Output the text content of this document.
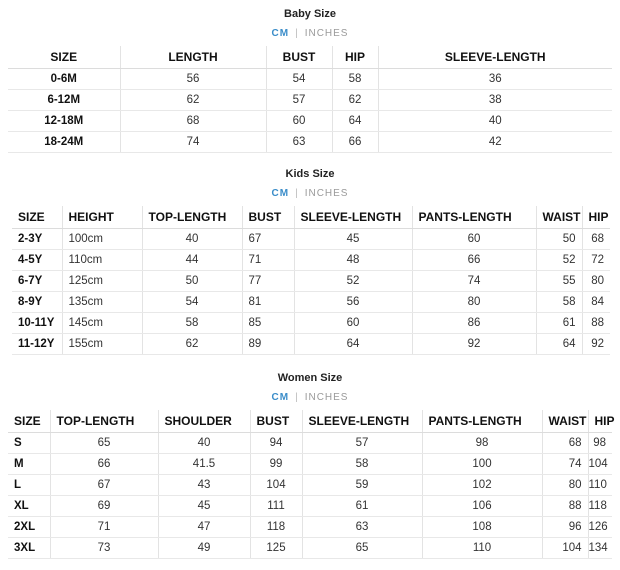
Baby Size
CM | INCHES
SIZE	LENGTH	BUST	HIP	SLEEVE-LENGTH
0-6M	56	54	58	36
6-12M	62	57	62	38
12-18M	68	60	64	40
18-24M	74	63	66	42
Kids Size
CM | INCHES
SIZE	HEIGHT	TOP-LENGTH	BUST	SLEEVE-LENGTH	PANTS-LENGTH	WAIST	HIP
2-3Y	100cm	40	67	45	60	50	68
4-5Y	110cm	44	71	48	66	52	72
6-7Y	125cm	50	77	52	74	55	80
8-9Y	135cm	54	81	56	80	58	84
10-11Y	145cm	58	85	60	86	61	88
11-12Y	155cm	62	89	64	92	64	92
Women Size
CM | INCHES
SIZE	TOP-LENGTH	SHOULDER	BUST	SLEEVE-LENGTH	PANTS-LENGTH	WAIST	HIP
S	65	40	94	57	98	68	98
M	66	41.5	99	58	100	74	104
L	67	43	104	59	102	80	110
XL	69	45	111	61	106	88	118
2XL	71	47	118	63	108	96	126
3XL	73	49	125	65	110	104	134
